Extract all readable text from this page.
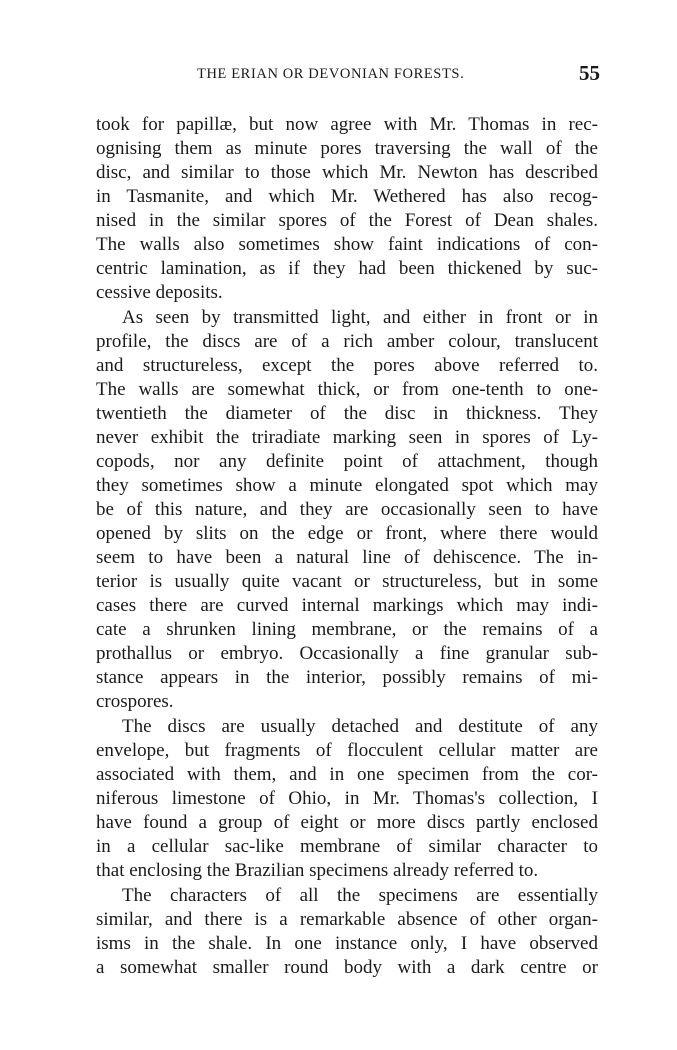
THE ERIAN OR DEVONIAN FORESTS.	55
took for papillæ, but now agree with Mr. Thomas in rec-
ognising them as minute pores traversing the wall of the
disc, and similar to those which Mr. Newton has described
in Tasmanite, and which Mr. Wethered has also recog-
nised in the similar spores of the Forest of Dean shales.
The walls also sometimes show faint indications of con-
centric lamination, as if they had been thickened by suc-
cessive deposits.
As seen by transmitted light, and either in front or in
profile, the discs are of a rich amber colour, translucent
and structureless, except the pores above referred to.
The walls are somewhat thick, or from one-tenth to one-
twentieth the diameter of the disc in thickness. They
never exhibit the triradiate marking seen in spores of Ly-
copods, nor any definite point of attachment, though
they sometimes show a minute elongated spot which may
be of this nature, and they are occasionally seen to have
opened by slits on the edge or front, where there would
seem to have been a natural line of dehiscence. The in-
terior is usually quite vacant or structureless, but in some
cases there are curved internal markings which may indi-
cate a shrunken lining membrane, or the remains of a
prothallus or embryo. Occasionally a fine granular sub-
stance appears in the interior, possibly remains of mi-
crospores.
The discs are usually detached and destitute of any
envelope, but fragments of flocculent cellular matter are
associated with them, and in one specimen from the cor-
niferous limestone of Ohio, in Mr. Thomas's collection, I
have found a group of eight or more discs partly enclosed
in a cellular sac-like membrane of similar character to
that enclosing the Brazilian specimens already referred to.
The characters of all the specimens are essentially
similar, and there is a remarkable absence of other organ-
isms in the shale. In one instance only, I have observed
a somewhat smaller round body with a dark centre or
